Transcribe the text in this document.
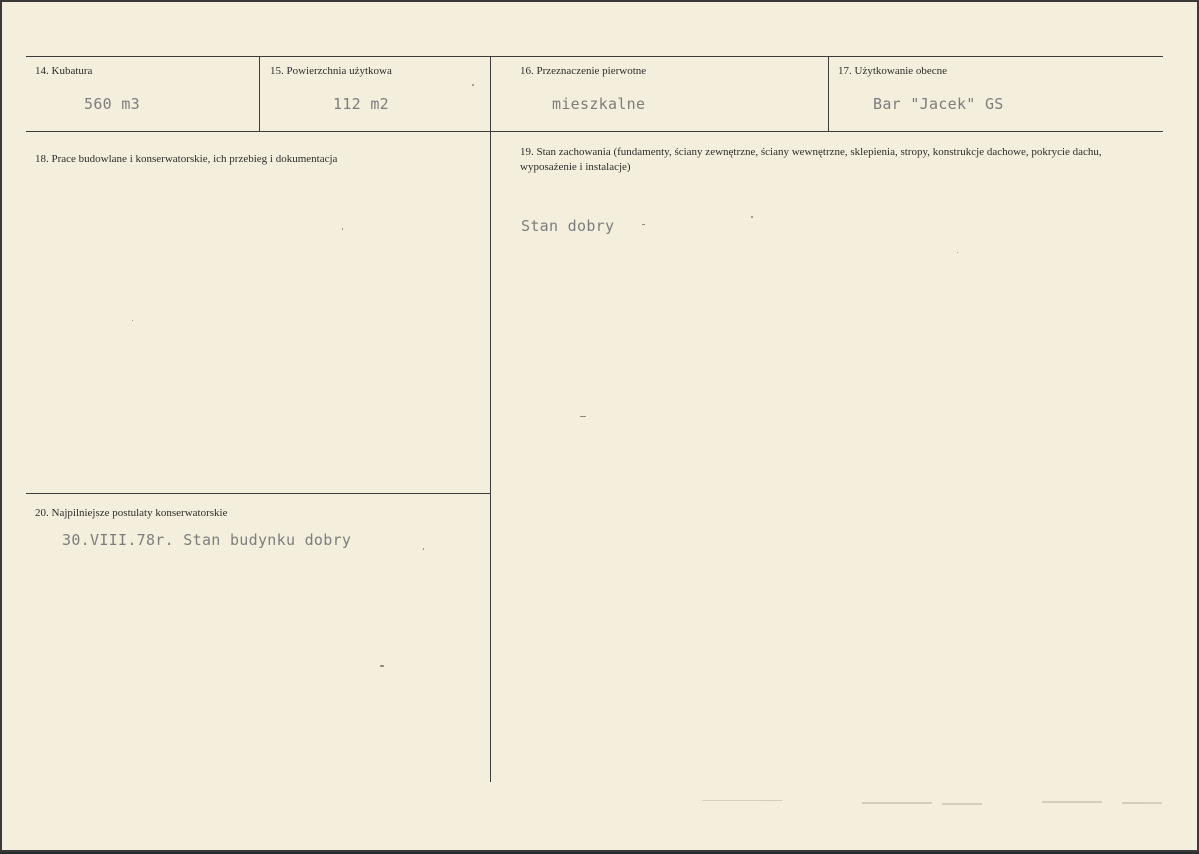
14. Kubatura
560 m3
15. Powierzchnia użytkowa
112 m2
16. Przeznaczenie pierwotne
mieszkalne
17. Użytkowanie obecne
Bar "Jacek" GS
18. Prace budowlane i konserwatorskie, ich przebieg i dokumentacja
19. Stan zachowania (fundamenty, ściany zewnętrzne, ściany wewnętrzne, sklepienia, stropy, konstrukcje dachowe, pokrycie dachu, wyposażenie i instalacje)
Stan dobry
20. Najpilniejsze postulaty konserwatorskie
30.VIII.78r. Stan budynku dobry
